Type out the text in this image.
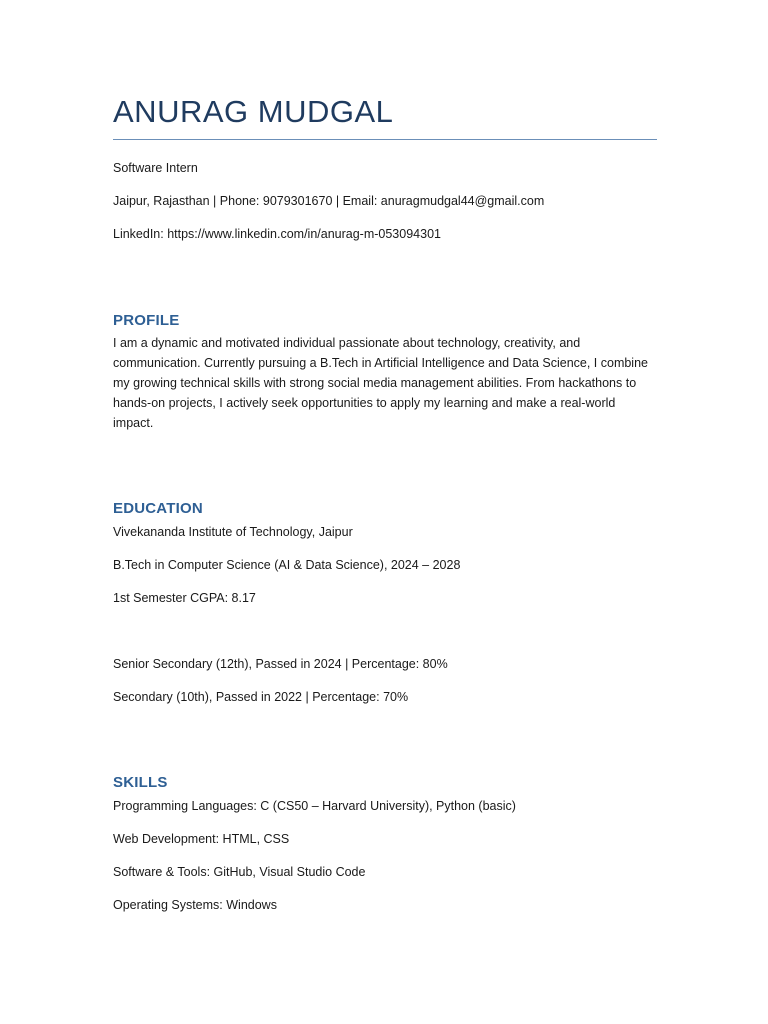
ANURAG MUDGAL

Software Intern

Jaipur, Rajasthan | Phone: 9079301670 | Email: anuragmudgal44@gmail.com

LinkedIn: https://www.linkedin.com/in/anurag-m-053094301

PROFILE

I am a dynamic and motivated individual passionate about technology, creativity, and communication. Currently pursuing a B.Tech in Artificial Intelligence and Data Science, I combine my growing technical skills with strong social media management abilities. From hackathons to hands-on projects, I actively seek opportunities to apply my learning and make a real-world impact.

EDUCATION

Vivekananda Institute of Technology, Jaipur

B.Tech in Computer Science (AI & Data Science), 2024 – 2028

1st Semester CGPA: 8.17

Senior Secondary (12th), Passed in 2024 | Percentage: 80%

Secondary (10th), Passed in 2022 | Percentage: 70%

SKILLS

Programming Languages: C (CS50 – Harvard University), Python (basic)

Web Development: HTML, CSS

Software & Tools: GitHub, Visual Studio Code

Operating Systems: Windows
